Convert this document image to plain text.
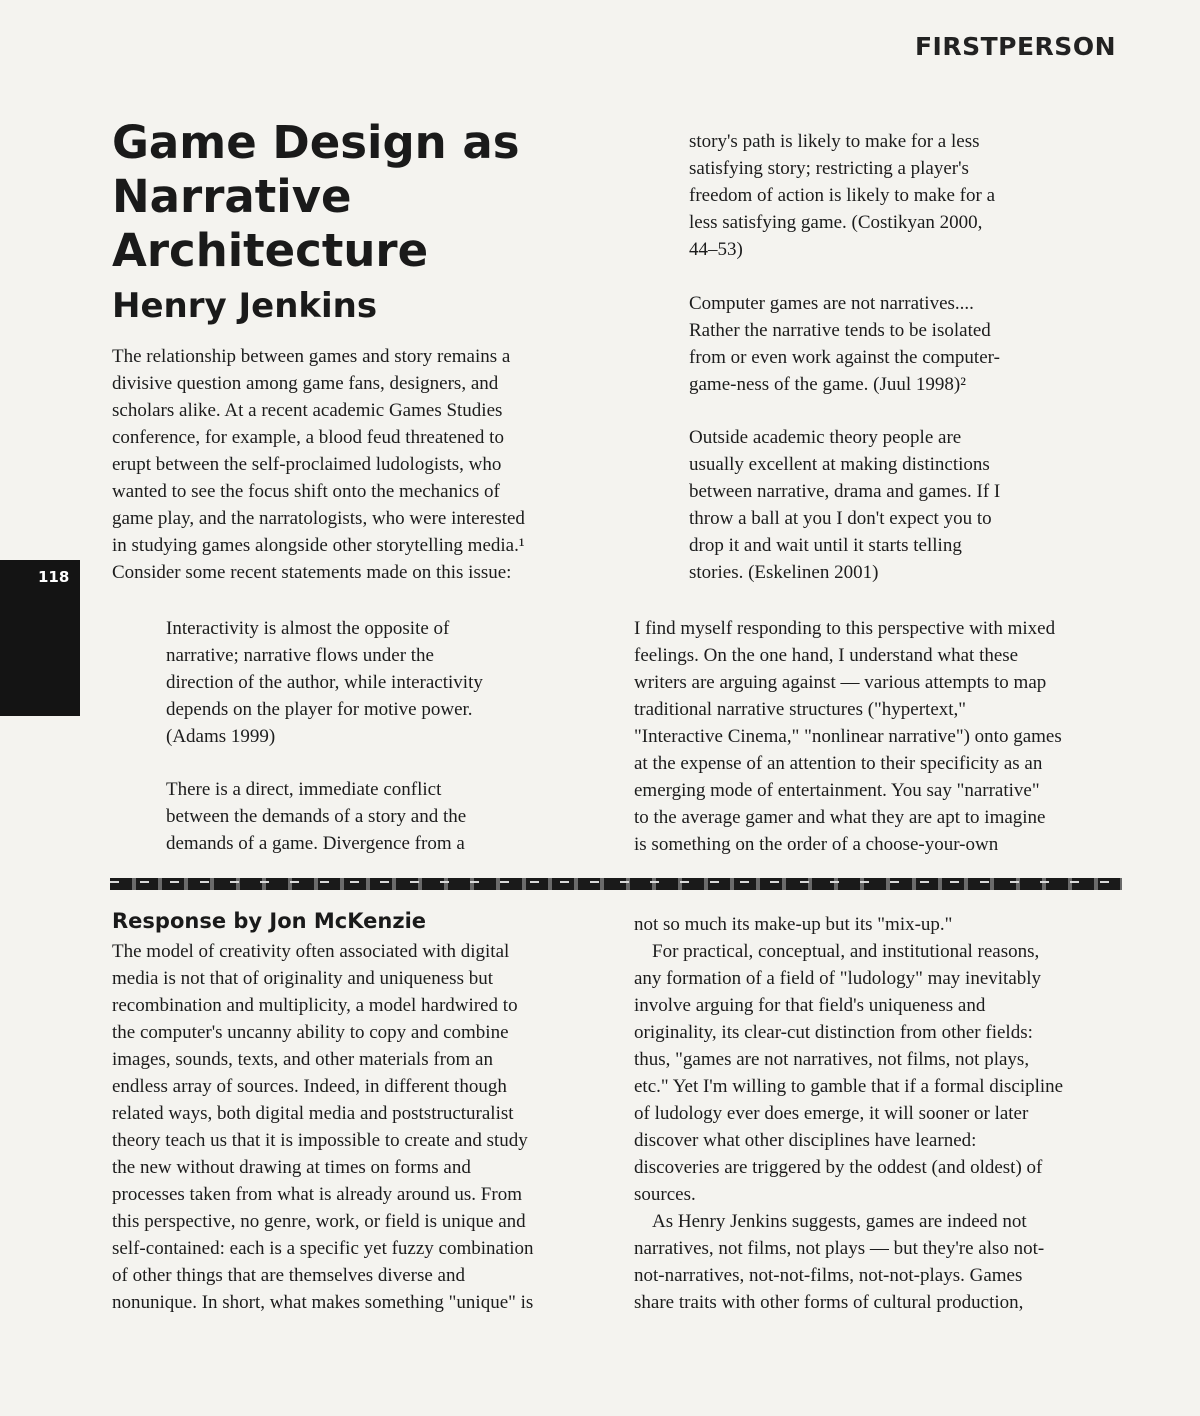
FIRSTPERSON
Game Design as
Narrative
Architecture
Henry Jenkins

The relationship between games and story remains a
divisive question among game fans, designers, and
scholars alike. At a recent academic Games Studies
conference, for example, a blood feud threatened to
erupt between the self-proclaimed ludologists, who
wanted to see the focus shift onto the mechanics of
game play, and the narratologists, who were interested
in studying games alongside other storytelling media.¹
Consider some recent statements made on this issue:

Interactivity is almost the opposite of
narrative; narrative flows under the
direction of the author, while interactivity
depends on the player for motive power.
(Adams 1999)

There is a direct, immediate conflict
between the demands of a story and the
demands of a game. Divergence from a

story's path is likely to make for a less
satisfying story; restricting a player's
freedom of action is likely to make for a
less satisfying game. (Costikyan 2000,
44–53)

Computer games are not narratives....
Rather the narrative tends to be isolated
from or even work against the computer-
game-ness of the game. (Juul 1998)²

Outside academic theory people are
usually excellent at making distinctions
between narrative, drama and games. If I
throw a ball at you I don't expect you to
drop it and wait until it starts telling
stories. (Eskelinen 2001)

I find myself responding to this perspective with mixed
feelings. On the one hand, I understand what these
writers are arguing against — various attempts to map
traditional narrative structures ("hypertext,"
"Interactive Cinema," "nonlinear narrative") onto games
at the expense of an attention to their specificity as an
emerging mode of entertainment. You say "narrative"
to the average gamer and what they are apt to imagine
is something on the order of a choose-your-own

118
Response by Jon McKenzie

The model of creativity often associated with digital
media is not that of originality and uniqueness but
recombination and multiplicity, a model hardwired to
the computer's uncanny ability to copy and combine
images, sounds, texts, and other materials from an
endless array of sources. Indeed, in different though
related ways, both digital media and poststructuralist
theory teach us that it is impossible to create and study
the new without drawing at times on forms and
processes taken from what is already around us. From
this perspective, no genre, work, or field is unique and
self-contained: each is a specific yet fuzzy combination
of other things that are themselves diverse and
nonunique. In short, what makes something "unique" is

not so much its make-up but its "mix-up."
For practical, conceptual, and institutional reasons,
any formation of a field of "ludology" may inevitably
involve arguing for that field's uniqueness and
originality, its clear-cut distinction from other fields:
thus, "games are not narratives, not films, not plays,
etc." Yet I'm willing to gamble that if a formal discipline
of ludology ever does emerge, it will sooner or later
discover what other disciplines have learned:
discoveries are triggered by the oddest (and oldest) of
sources.
As Henry Jenkins suggests, games are indeed not
narratives, not films, not plays — but they're also not-
not-narratives, not-not-films, not-not-plays. Games
share traits with other forms of cultural production,
